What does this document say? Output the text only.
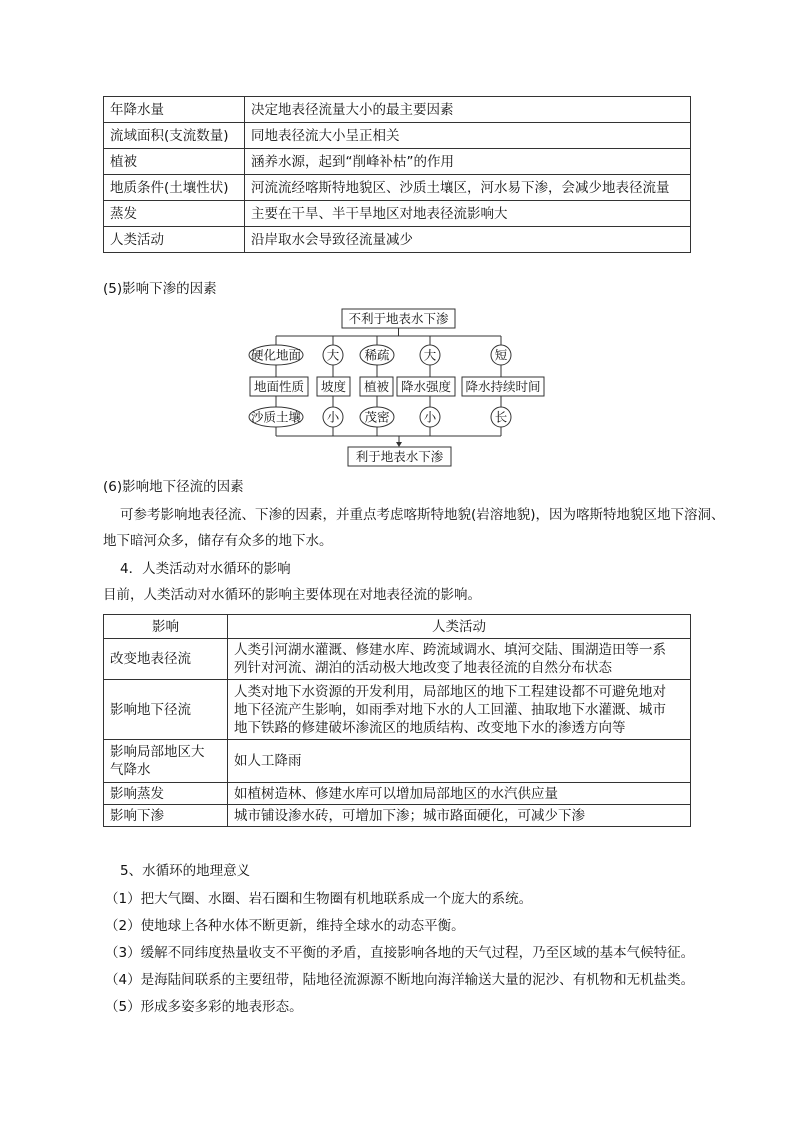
年降水量	决定地表径流量大小的最主要因素
流域面积(支流数量)	同地表径流大小呈正相关
植被	涵养水源，起到“削峰补枯”的作用
地质条件(土壤性状)	河流流经喀斯特地貌区、沙质土壤区，河水易下渗，会减少地表径流量
蒸发	主要在干旱、半干旱地区对地表径流影响大
人类活动	沿岸取水会导致径流量减少
(5)影响下渗的因素
不利于地表水下渗
硬化地面 大 稀疏	大	短
地面性质 坡度 植被 降水强度 降水持续时间
沙质土壤 小 茂密	小	长
利于地表水下渗
(6)影响地下径流的因素
可参考影响地表径流、下渗的因素，并重点考虑喀斯特地貌(岩溶地貌)，因为喀斯特地貌区地下溶洞、
地下暗河众多，储存有众多的地下水。
4．人类活动对水循环的影响
目前，人类活动对水循环的影响主要体现在对地表径流的影响。
影响	人类活动

改变地表径流	人类引河湖水灌溉、修建水库、跨流域调水、填河交陆、围湖造田等一系
列针对河流、湖泊的活动极大地改变了地表径流的自然分布状态

影响地下径流	人类对地下水资源的开发利用，局部地区的地下工程建设都不可避免地对
地下径流产生影响，如雨季对地下水的人工回灌、抽取地下水灌溉、城市
地下铁路的修建破坏渗流区的地质结构、改变地下水的渗透方向等

影响局部地区大
气降水	如人工降雨

影响蒸发	如植树造林、修建水库可以增加局部地区的水汽供应量

影响下渗	城市铺设渗水砖，可增加下渗；城市路面硬化，可减少下渗
5、水循环的地理意义
（1）把大气圈、水圈、岩石圈和生物圈有机地联系成一个庞大的系统。
（2）使地球上各种水体不断更新，维持全球水的动态平衡。
（3）缓解不同纬度热量收支不平衡的矛盾，直接影响各地的天气过程，乃至区域的基本气候特征。
（4）是海陆间联系的主要纽带，陆地径流源源不断地向海洋输送大量的泥沙、有机物和无机盐类。
（5）形成多姿多彩的地表形态。
